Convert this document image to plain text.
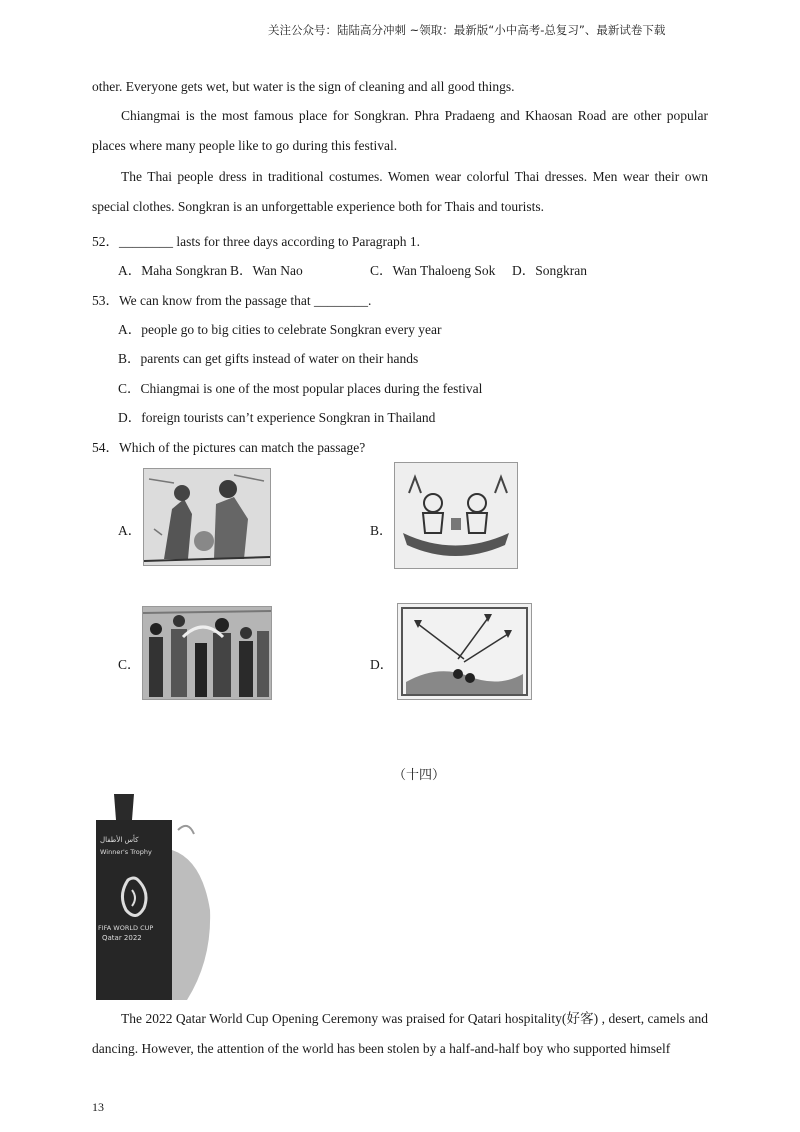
关注公众号：陆陆高分冲刺 ~领取：最新版“小中高考-总复习”、最新试卷下载
other. Everyone gets wet, but water is the sign of cleaning and all good things.
Chiangmai is the most famous place for Songkran. Phra Pradaeng and Khaosan Road are other popular places where many people like to go during this festival.
The Thai people dress in traditional costumes. Women wear colorful Thai dresses. Men wear their own special clothes. Songkran is an unforgettable experience both for Thais and tourists.
52．________ lasts for three days according to Paragraph 1.
A．Maha Songkran B．Wan Nao	C．Wan Thaloeng Sok D．Songkran
53．We can know from the passage that ________.
A．people go to big cities to celebrate Songkran every year
B．parents can get gifts instead of water on their hands
C．Chiangmai is one of the most popular places during the festival
D．foreign tourists can’t experience Songkran in Thailand
54．Which of the pictures can match the passage?
A．	B．
C．	D．
（十四）
كأس الأطفال
Winner's Trophy
FIFA WORLD CUP
Qatar 2022
The 2022 Qatar World Cup Opening Ceremony was praised for Qatari hospitality(好客) , desert, camels and dancing. However, the attention of the world has been stolen by a half-and-half boy who supported himself
13
